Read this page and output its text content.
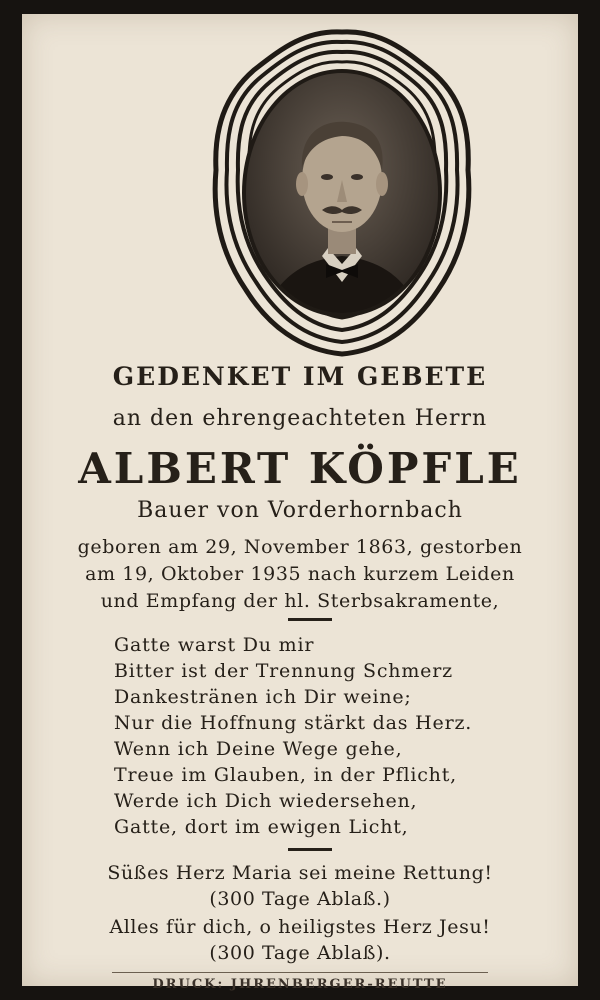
GEDENKET IM GEBETE
an den ehrengeachteten Herrn
ALBERT KÖPFLE
Bauer von Vorderhornbach
geboren am 29, November 1863, gestorben
am 19, Oktober 1935 nach kurzem Leiden
und Empfang der hl. Sterbsakramente,
Gatte warst Du mir
Bitter ist der Trennung Schmerz
Dankestränen ich Dir weine;
Nur die Hoffnung stärkt das Herz.
Wenn ich Deine Wege gehe,
Treue im Glauben, in der Pflicht,
Werde ich Dich wiedersehen,
Gatte, dort im ewigen Licht,
Süßes Herz Maria sei meine Rettung!
(300 Tage Ablaß.)
Alles für dich, o heiligstes Herz Jesu!
(300 Tage Ablaß).
DRUCK: JHRENBERGER-REUTTE
